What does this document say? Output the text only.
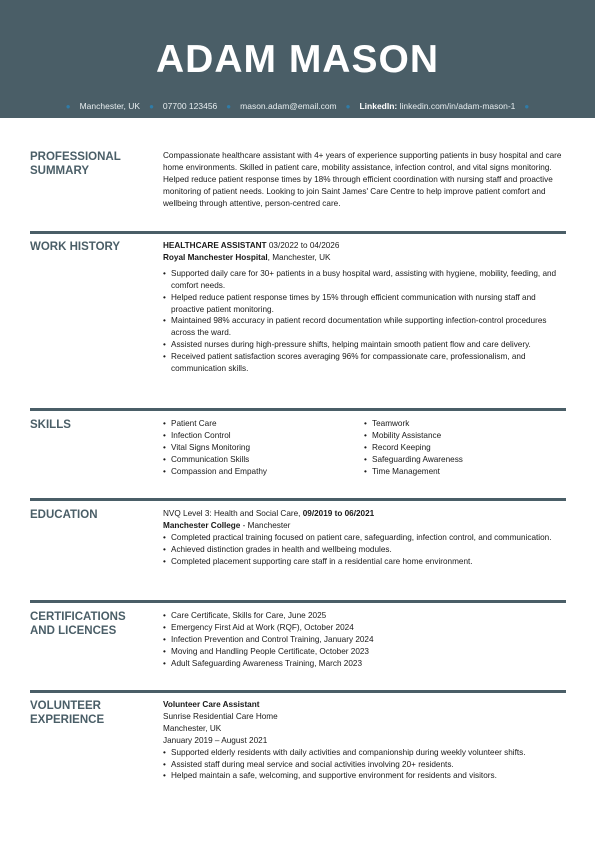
ADAM MASON
● Manchester, UK ● 07700 123456 ● mason.adam@email.com ● LinkedIn: linkedin.com/in/adam-mason-1 ●
PROFESSIONAL
SUMMARY

Compassionate healthcare assistant with 4+ years of experience supporting patients in busy hospital and care home environments. Skilled in patient care, mobility assistance, infection control, and vital signs monitoring. Helped reduce patient response times by 18% through efficient coordination with nursing staff and proactive monitoring of patient needs. Looking to join Saint James' Care Centre to help improve patient comfort and wellbeing through attentive, person-centred care.

WORK HISTORY	HEALTHCARE ASSISTANT 03/2022 to 04/2026
Royal Manchester Hospital, Manchester, UK
• Supported daily care for 30+ patients in a busy hospital ward, assisting with hygiene, mobility, feeding, and comfort needs.
• Helped reduce patient response times by 15% through efficient communication with nursing staff and proactive patient monitoring.
• Maintained 98% accuracy in patient record documentation while supporting infection-control procedures across the ward.
• Assisted nurses during high-pressure shifts, helping maintain smooth patient flow and care delivery.
• Received patient satisfaction scores averaging 96% for compassionate care, professionalism, and communication skills.
SKILLS
•	Patient Care
• Infection Control
• Vital Signs Monitoring
• Communication Skills
• Compassion and Empathy
• Teamwork
• Mobility Assistance
• Record Keeping
• Safeguarding Awareness
• Time Management
EDUCATION	NVQ Level 3: Health and Social Care, 09/2019 to 06/2021
Manchester College - Manchester
• Completed practical training focused on patient care, safeguarding, infection control, and communication.
• Achieved distinction grades in health and wellbeing modules.
• Completed placement supporting care staff in a residential care home environment.
CERTIFICATIONS
AND LICENCES
• Care Certificate, Skills for Care, June 2025
• Emergency First Aid at Work (RQF), October 2024
• Infection Prevention and Control Training, January 2024
• Moving and Handling People Certificate, October 2023
• Adult Safeguarding Awareness Training, March 2023
VOLUNTEER
EXPERIENCE
Volunteer Care Assistant
Sunrise Residential Care Home
Manchester, UK
January 2019 – August 2021
• Supported elderly residents with daily activities and companionship during weekly volunteer shifts.
• Assisted staff during meal service and social activities involving 20+ residents.
• Helped maintain a safe, welcoming, and supportive environment for residents and visitors.
